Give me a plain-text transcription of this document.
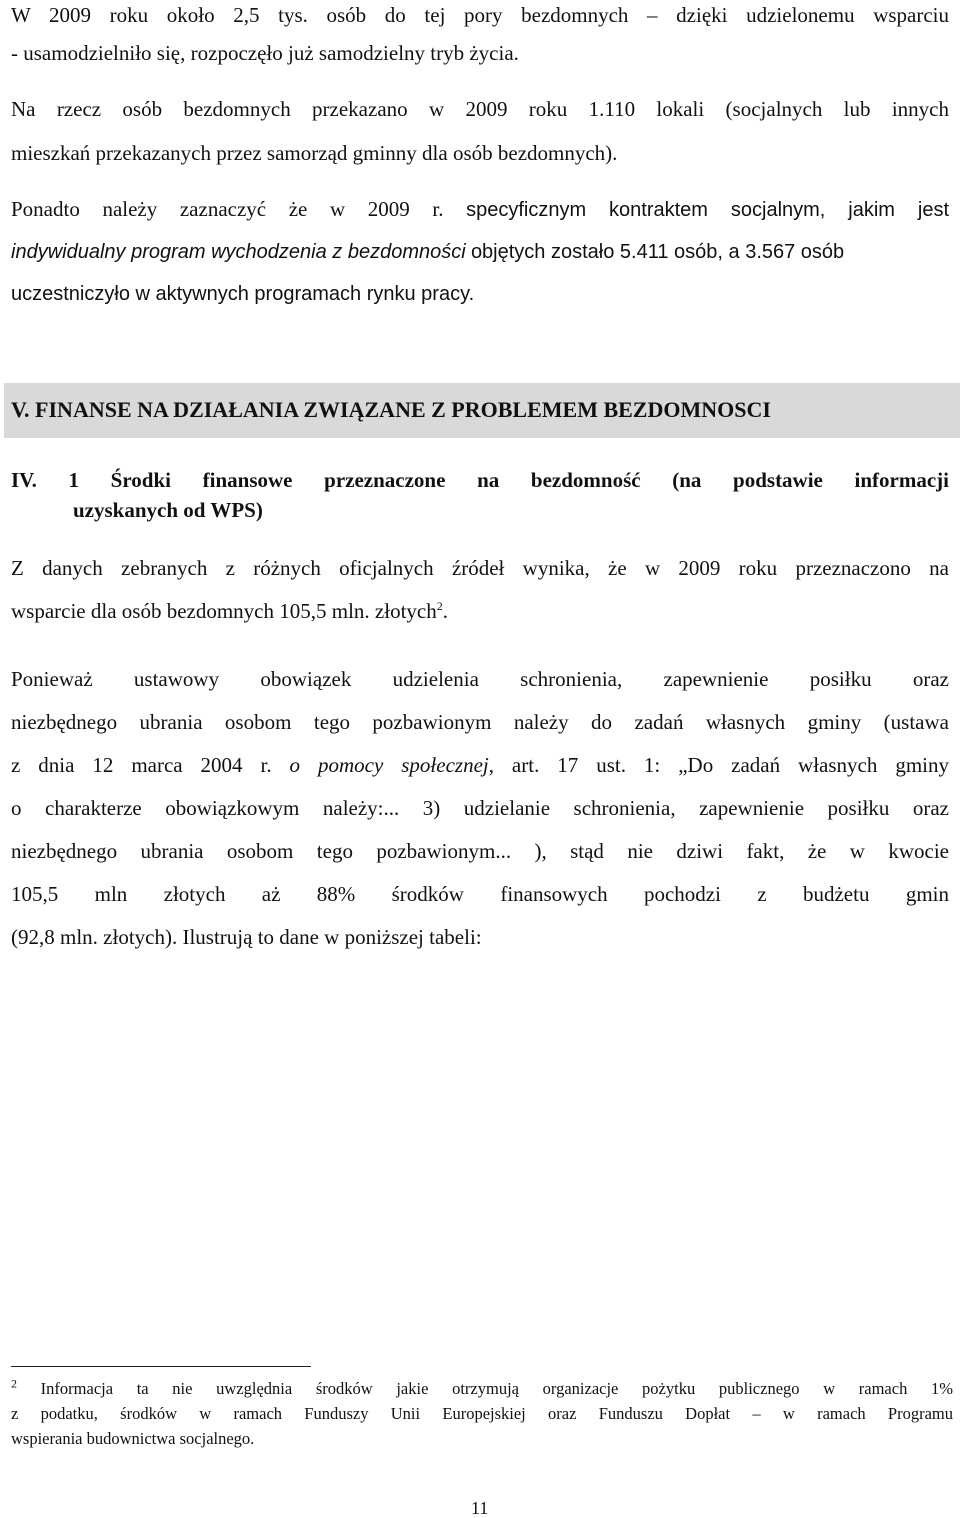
W 2009 roku około 2,5 tys. osób do tej pory bezdomnych – dzięki udzielonemu wsparciu
- usamodzielniło się, rozpoczęło już samodzielny tryb życia.
Na rzecz osób bezdomnych przekazano w 2009 roku 1.110 lokali (socjalnych lub innych
mieszkań przekazanych przez samorząd gminny dla osób bezdomnych).
Ponadto należy zaznaczyć że w 2009 r. specyficznym kontraktem socjalnym, jakim jest
indywidualny program wychodzenia z bezdomności objętych zostało 5.411 osób, a 3.567 osób
uczestniczyło w aktywnych programach rynku pracy.
V. FINANSE NA DZIAŁANIA ZWIĄZANE Z PROBLEMEM BEZDOMNOSCI
IV. 1 Środki finansowe przeznaczone na bezdomność (na podstawie informacji
uzyskanych od WPS)
Z danych zebranych z różnych oficjalnych źródeł wynika, że w 2009 roku przeznaczono na
wsparcie dla osób bezdomnych 105,5 mln. złotych$^2$.
Ponieważ ustawowy obowiązek udzielenia schronienia, zapewnienie posiłku oraz
niezbędnego ubrania osobom tego pozbawionym należy do zadań własnych gminy (ustawa
z dnia 12 marca 2004 r. o pomocy społecznej, art. 17 ust. 1: „Do zadań własnych gminy
o charakterze obowiązkowym należy:... 3) udzielanie schronienia, zapewnienie posiłku oraz
niezbędnego ubrania osobom tego pozbawionym... ), stąd nie dziwi fakt, że w kwocie
105,5 mln złotych aż 88% środków finansowych pochodzi z budżetu gmin
(92,8 mln. złotych). Ilustrują to dane w poniższej tabeli:
$^2$ Informacja ta nie uwzględnia środków jakie otrzymują organizacje pożytku publicznego w ramach 1%
z podatku, środków w ramach Funduszy Unii Europejskiej oraz Funduszu Dopłat – w ramach Programu
wspierania budownictwa socjalnego.
11
